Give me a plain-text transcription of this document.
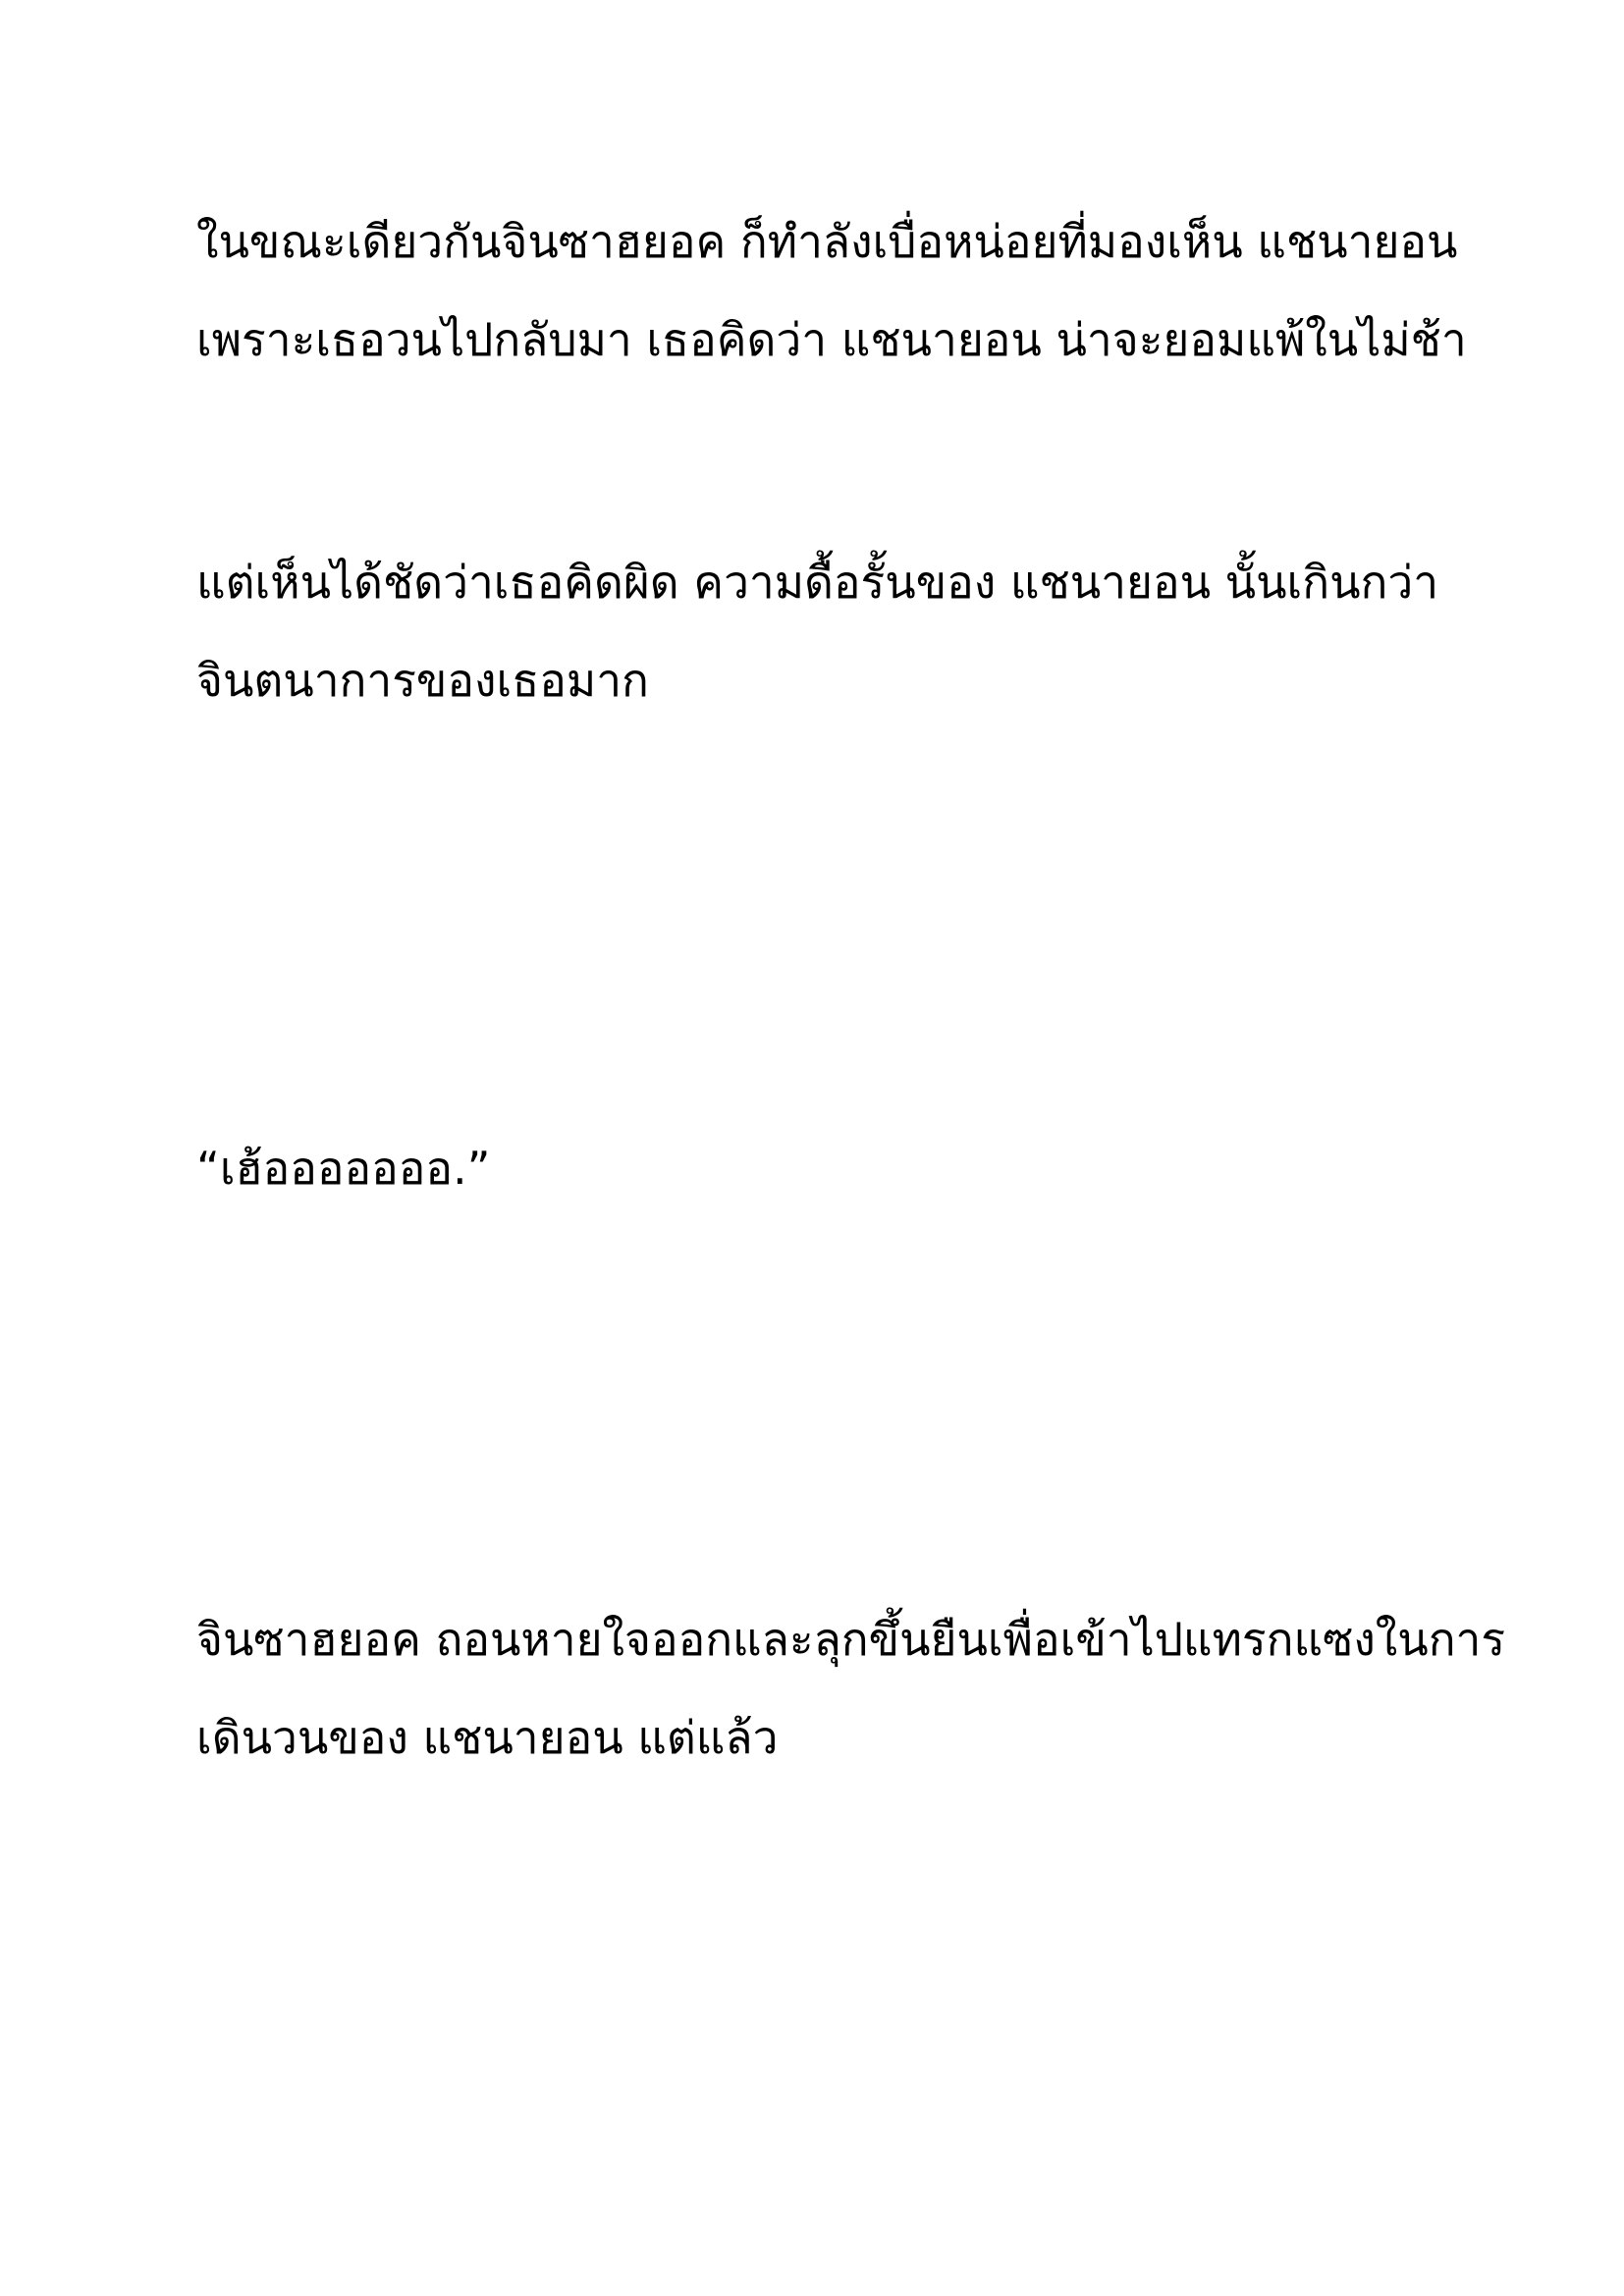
ในขณะเดียวกันจินซาฮยอค ก็ทำลังเบื่อหน่อยที่มองเห็น แชนายอน
เพราะเธอวนไปกลับมา เธอคิดว่า แชนายอน น่าจะยอมแพ้ในไม่ช้า
แต่เห็นได้ชัดว่าเธอคิดผิด ความดื้อรั้นของ แชนายอน นั้นเกินกว่า
จินตนาการของเธอมาก
“เฮ้อออออออ.”
จินซาฮยอค ถอนหายใจออกและลุกขึ้นยืนเพื่อเข้าไปแทรกแซงในการ
เดินวนของ แชนายอน แต่แล้ว
